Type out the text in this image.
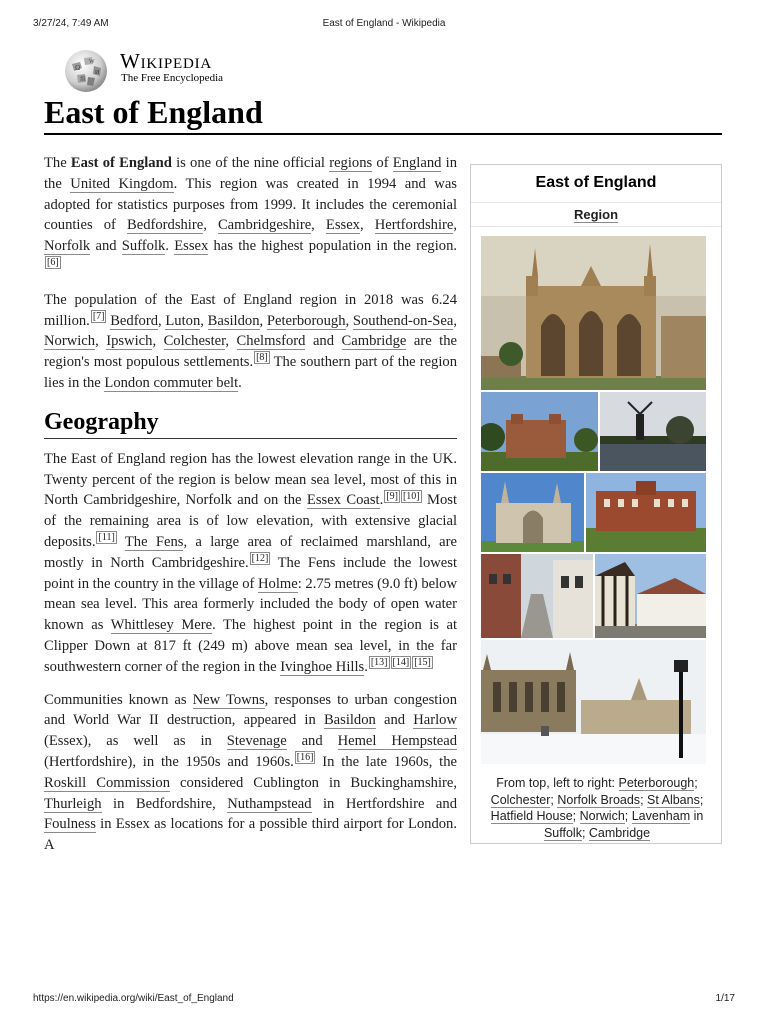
3/27/24, 7:49 AM	East of England - Wikipedia
Ω
W
И
維
Wikipedia
The Free Encyclopedia
East of England

The East of England is one of the nine official regions of England in the United Kingdom. This region was created in 1994 and was adopted for statistics purposes from 1999. It includes the ceremonial counties of Bedfordshire, Cambridgeshire, Essex, Hertfordshire, Norfolk and Suffolk. Essex has the highest population in the region.[6]

The population of the East of England region in 2018 was 6.24 million. [7] Bedford, Luton, Basildon, Peterborough, Southend-on-Sea, Norwich, Ipswich, Colchester, Chelmsford and Cambridge are the region's most populous settlements. [8] The southern part of the region lies in the London commuter belt.

Geography

The East of England region has the lowest elevation range in the UK. Twenty percent of the region is below mean sea level, most of this in North Cambridgeshire, Norfolk and on the Essex Coast. [9] [10] Most of the remaining area is of low elevation, with extensive glacial deposits. [11] The Fens, a large area of reclaimed marshland, are mostly in North Cambridgeshire. [12] The Fens include the lowest point in the country in the village of Holme: 2.75 metres (9.0 ft) below mean sea level. This area formerly included the body of open water known as Whittlesey Mere. The highest point in the region is at Clipper Down at 817 ft (249 m) above mean sea level, in the far southwestern corner of the region in the Ivinghoe Hills. [13] [14] [15]

Communities known as New Towns, responses to urban congestion and World War II destruction, appeared in Basildon and Harlow (Essex), as well as in Stevenage and Hemel Hempstead (Hertfordshire), in the 1950s and 1960s. [16] In the late 1960s, the Roskill Commission considered Cublington in Buckinghamshire, Thurleigh in Bedfordshire, Nuthampstead in Hertfordshire and Foulness in Essex as locations for a possible third airport for London. A

East of England
Region
From top, left to right: Peterborough; Colchester; Norfolk Broads; St Albans; Hatfield House; Norwich; Lavenham in Suffolk; Cambridge
https://en.wikipedia.org/wiki/East_of_England	1/17
